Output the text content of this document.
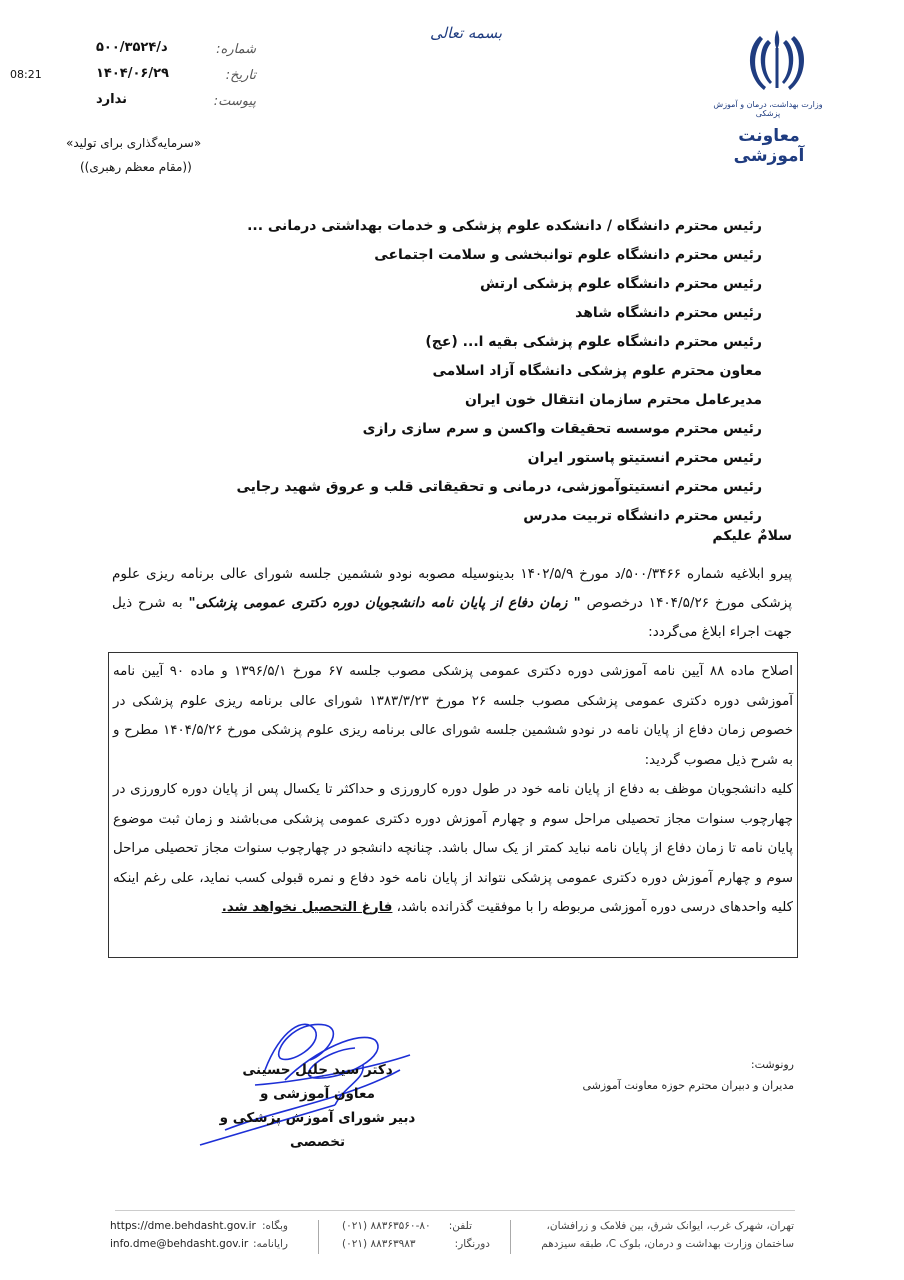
وزارت بهداشت، درمان و آموزش پزشکی
معاونت آموزشی
بسمه تعالی
شماره:
د/۵۰۰/۳۵۲۴
تاریخ:
۱۴۰۴/۰۶/۲۹
پیوست:
ندارد
08:21
«سرمایه‌گذاری برای تولید»
((مقام معظم رهبری))
رئیس محترم دانشگاه / دانشکده علوم پزشکی و خدمات بهداشتی درمانی ...
رئیس محترم دانشگاه علوم توانبخشی و سلامت اجتماعی
رئیس محترم دانشگاه علوم پزشکی ارتش
رئیس محترم دانشگاه شاهد
رئیس محترم دانشگاه علوم پزشکی بقیه ا... (عج)
معاون محترم علوم پزشکی دانشگاه آزاد اسلامی
مدیرعامل محترم سازمان انتقال خون ایران
رئیس محترم موسسه تحقیقات واکسن و سرم سازی رازی
رئیس محترم انستیتو پاستور ایران
رئیس محترم انستیتوآموزشی، درمانی و تحقیقاتی قلب و عروق شهید رجایی
رئیس محترم دانشگاه تربیت مدرس
سلامٌ علیکم
پیرو ابلاغیه شماره ۵۰۰/۳۴۶۶/د مورخ ۱۴۰۲/۵/۹ بدینوسیله مصوبه نودو ششمین جلسه شورای عالی برنامه ریزی علوم پزشکی مورخ ۱۴۰۴/۵/۲۶ درخصوص " زمان دفاع از پایان نامه دانشجویان دوره دکتری عمومی پزشکی" به شرح ذیل جهت اجراء ابلاغ می‌گردد:

اصلاح ماده ۸۸ آیین نامه آموزشی دوره دکتری عمومی پزشکی مصوب جلسه ۶۷ مورخ ۱۳۹۶/۵/۱ و ماده ۹۰ آیین نامه آموزشی دوره دکتری عمومی پزشکی مصوب جلسه ۲۶ مورخ ۱۳۸۳/۳/۲۳ شورای عالی برنامه ریزی علوم پزشکی در خصوص زمان دفاع از پایان نامه در نودو ششمین جلسه شورای عالی برنامه ریزی علوم پزشکی مورخ ۱۴۰۴/۵/۲۶ مطرح و به شرح ذیل مصوب گردید:

کلیه دانشجویان موظف به دفاع از پایان نامه خود در طول دوره کارورزی و حداکثر تا یکسال پس از پایان دوره کارورزی در چهارچوب سنوات مجاز تحصیلی مراحل سوم و چهارم آموزش دوره دکتری عمومی پزشکی می‌باشند و زمان ثبت موضوع پایان نامه تا زمان دفاع از پایان نامه نباید کمتر از یک سال باشد. چنانچه دانشجو در چهارچوب سنوات مجاز تحصیلی مراحل سوم و چهارم آموزش دوره دکتری عمومی پزشکی نتواند از پایان نامه خود دفاع و نمره قبولی کسب نماید، علی رغم اینکه کلیه واحدهای درسی دوره آموزشی مربوطه را با موفقیت گذرانده باشد، فارغ التحصیل نخواهد شد.

دکتر سید جلیل حسینی
معاون آموزشی و
دبیر شورای آموزش پزشکی و تخصصی
رونوشت:
مدیران و دبیران محترم حوزه معاونت آموزشی
تهران، شهرک غرب، ایوانک شرق، بین فلامک و زرافشان،
ساختمان وزارت بهداشت و درمان، بلوک C، طبقه سیزدهم
تلفن:
(۰۲۱) ۸۸۳۶۳۵۶۰-۸۰
دورنگار:
(۰۲۱) ۸۸۳۶۳۹۸۳
وبگاه:
https://dme.behdasht.gov.ir
رایانامه:
info.dme@behdasht.gov.ir
